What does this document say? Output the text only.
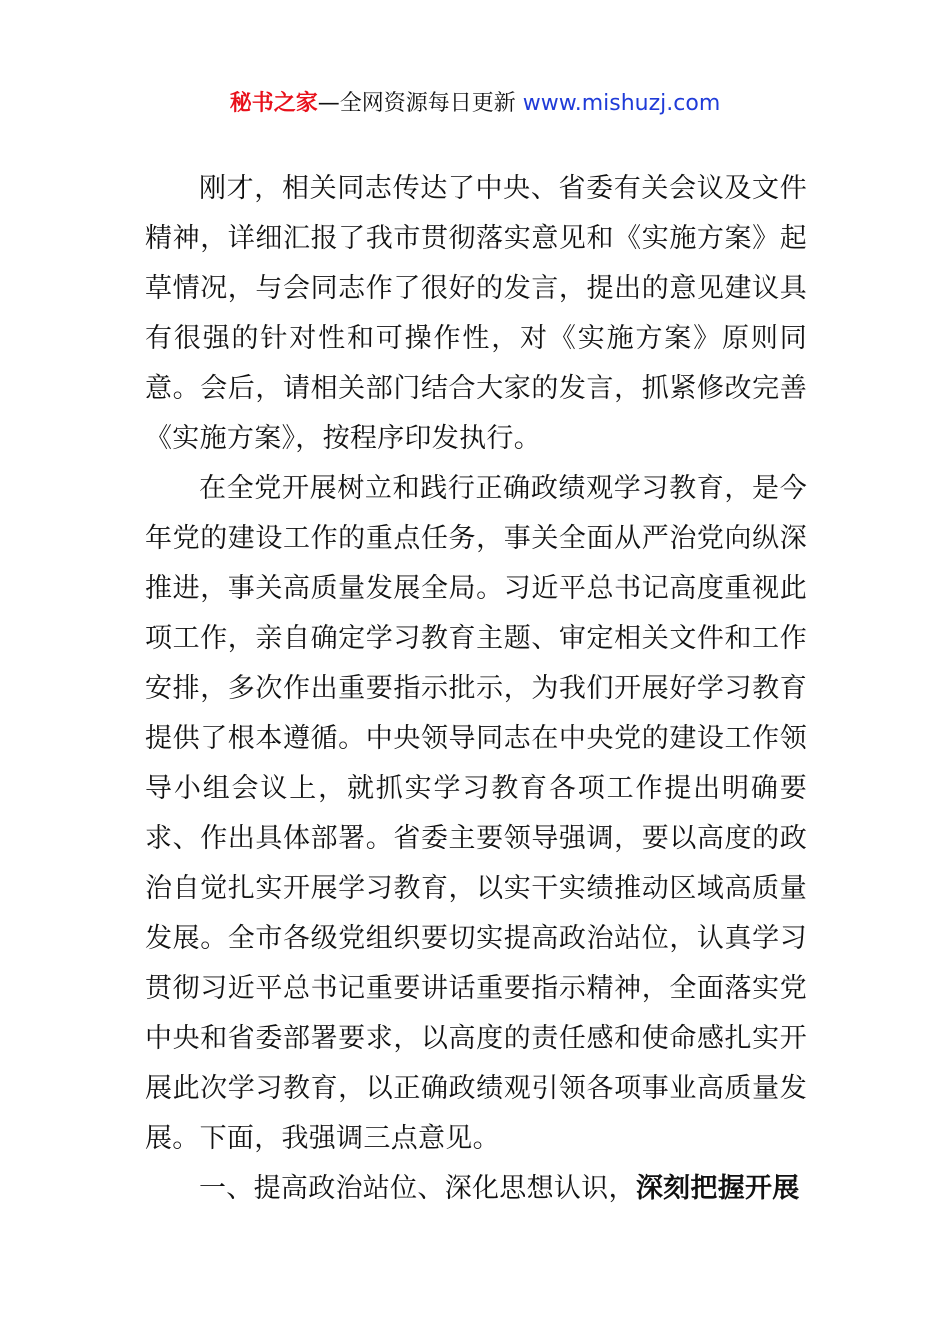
秘书之家—全网资源每日更新 www.mishuzj.com

刚才，相关同志传达了中央、省委有关会议及文件精神，详细汇报了我市贯彻落实意见和《实施方案》起草情况，与会同志作了很好的发言，提出的意见建议具有很强的针对性和可操作性，对《实施方案》原则同意。会后，请相关部门结合大家的发言，抓紧修改完善《实施方案》，按程序印发执行。

在全党开展树立和践行正确政绩观学习教育，是今年党的建设工作的重点任务，事关全面从严治党向纵深推进，事关高质量发展全局。习近平总书记高度重视此项工作，亲自确定学习教育主题、审定相关文件和工作安排，多次作出重要指示批示，为我们开展好学习教育提供了根本遵循。中央领导同志在中央党的建设工作领导小组会议上，就抓实学习教育各项工作提出明确要求、作出具体部署。省委主要领导强调，要以高度的政治自觉扎实开展学习教育，以实干实绩推动区域高质量发展。全市各级党组织要切实提高政治站位，认真学习贯彻习近平总书记重要讲话重要指示精神，全面落实党中央和省委部署要求，以高度的责任感和使命感扎实开展此次学习教育，以正确政绩观引领各项事业高质量发展。下面，我强调三点意见。

一、提高政治站位、深化思想认识，深刻把握开展
